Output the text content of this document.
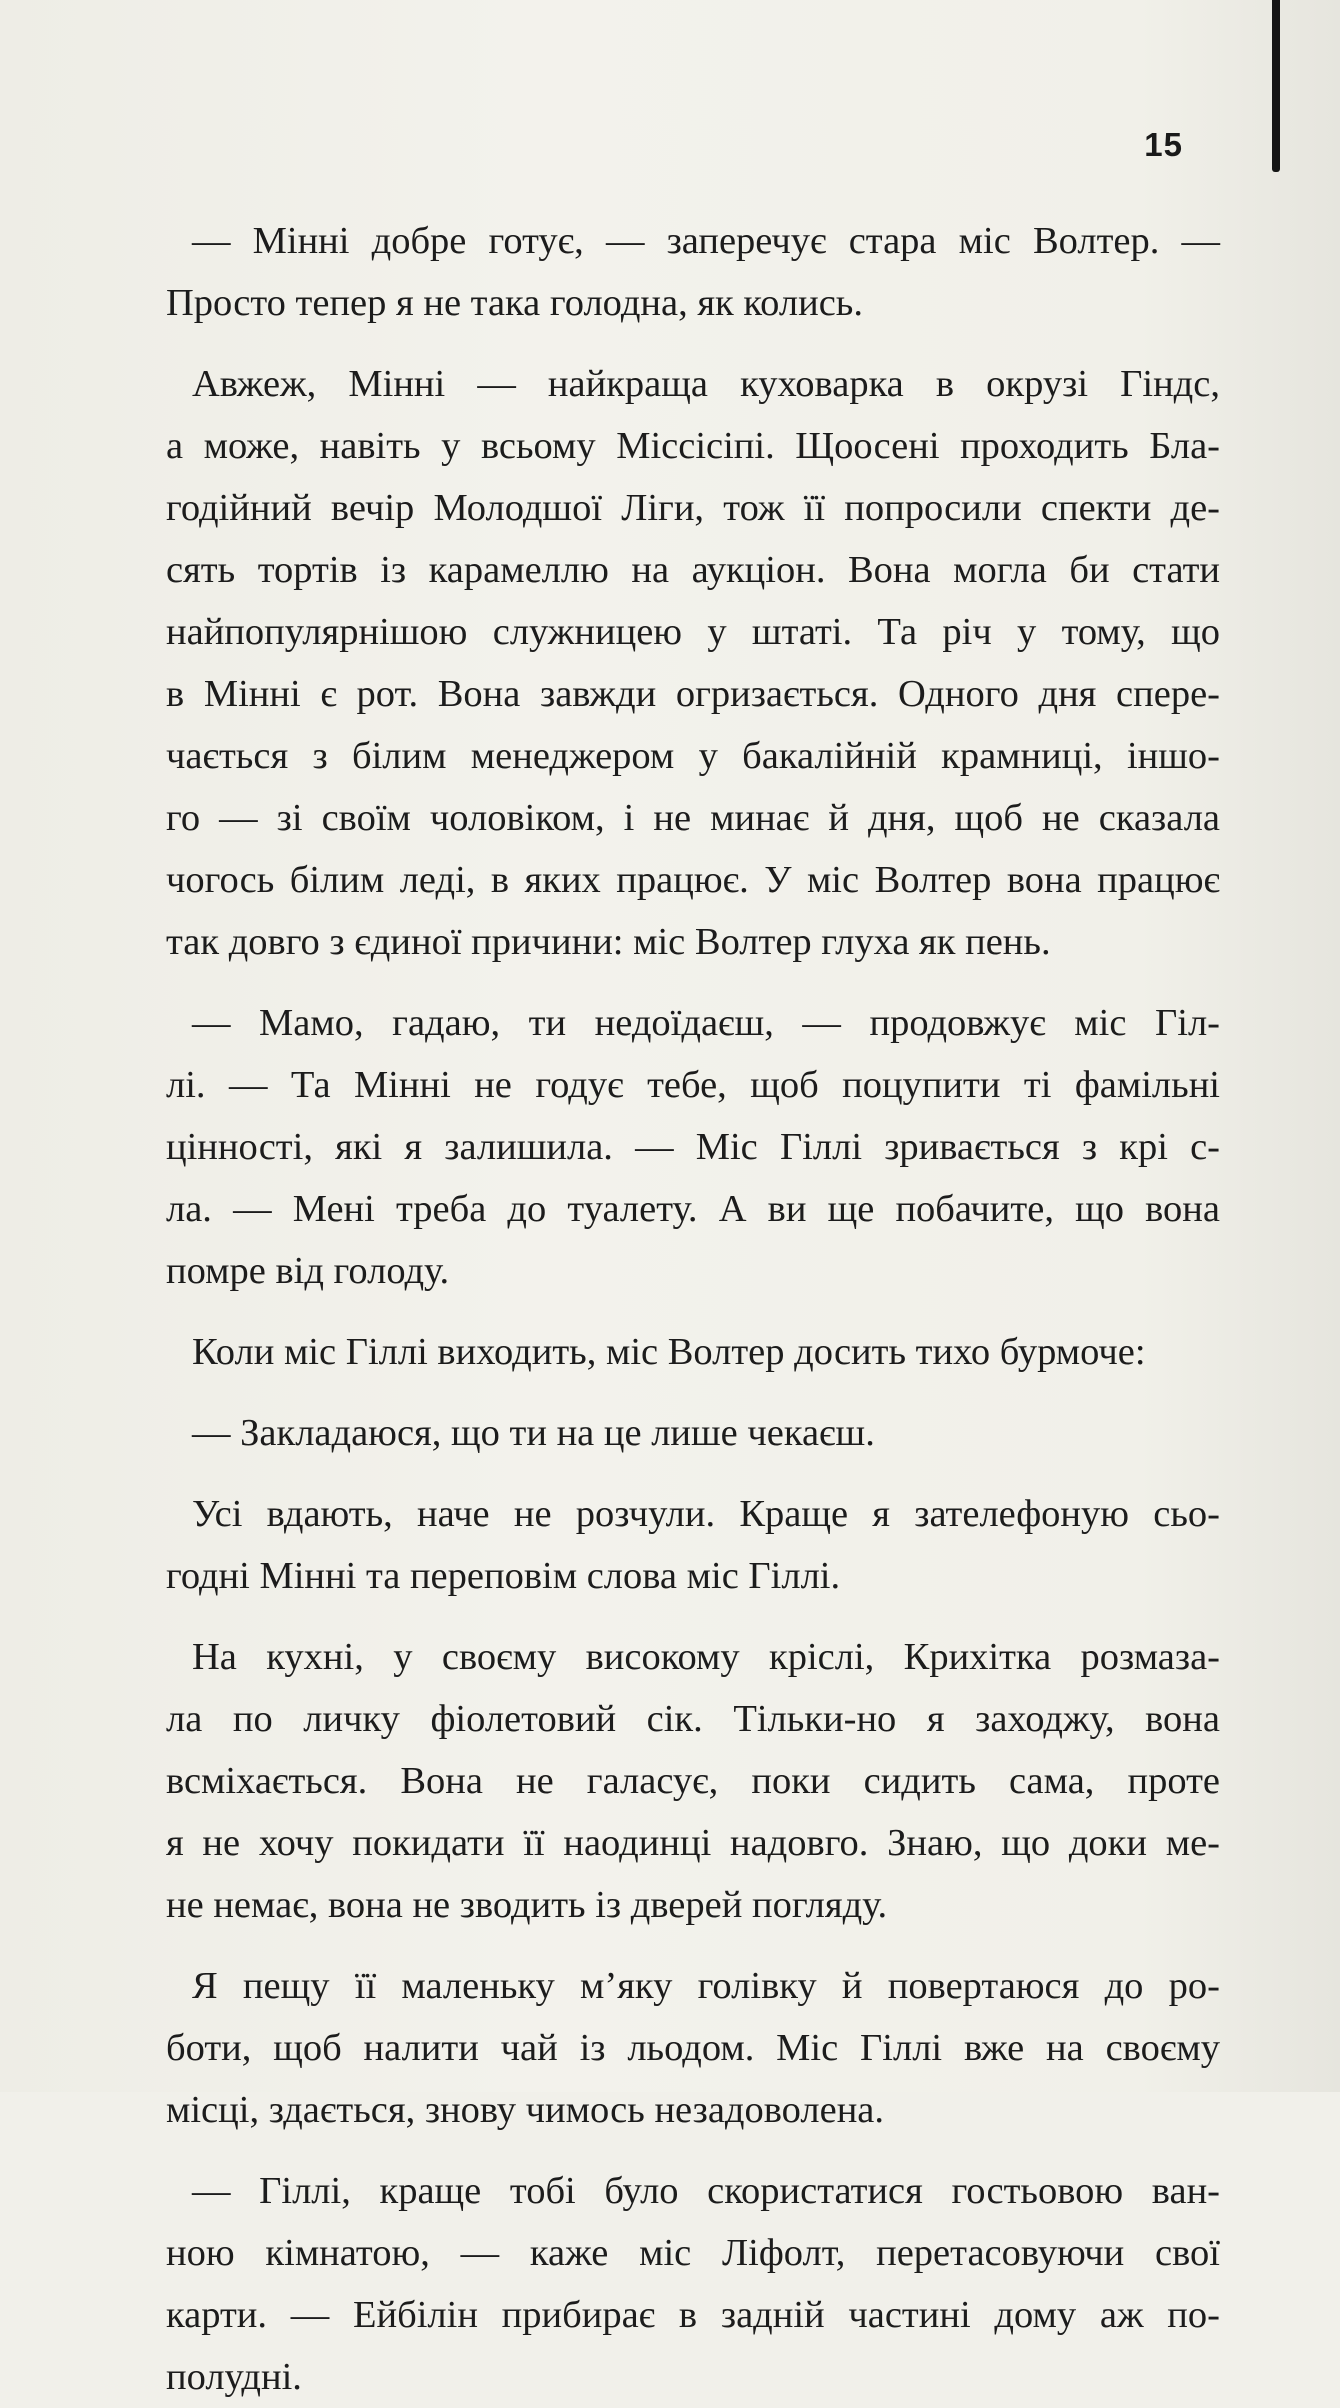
15

— Мінні добре готує, — заперечує стара міс Волтер. —
Просто тепер я не така голодна, як колись.

Авжеж, Мінні — найкраща куховарка в окрузі Гіндс,
а може, навіть у всьому Міссісіпі. Щоосені проходить Бла-
годійний вечір Молодшої Ліги, тож її попросили спекти де-
сять тортів із карамеллю на аукціон. Вона могла би стати
найпопулярнішою служницею у штаті. Та річ у тому, що
в Мінні є рот. Вона завжди огризається. Одного дня спере-
чається з білим менеджером у бакалійній крамниці, іншо-
го — зі своїм чоловіком, і не минає й дня, щоб не сказала
чогось білим леді, в яких працює. У міс Волтер вона працює
так довго з єдиної причини: міс Волтер глуха як пень.

— Мамо, гадаю, ти недоїдаєш, — продовжує міс Гіл-
лі. — Та Мінні не годує тебе, щоб поцупити ті фамільні
цінності, які я залишила. — Міс Гіллі зривається з крі с-
ла. — Мені треба до туалету. А ви ще побачите, що вона
помре від голоду.

Коли міс Гіллі виходить, міс Волтер досить тихо бурмоче:

— Закладаюся, що ти на це лише чекаєш.

Усі вдають, наче не розчули. Краще я зателефоную сьо-
годні Мінні та переповім слова міс Гіллі.

На кухні, у своєму високому кріслі, Крихітка розмаза-
ла по личку фіолетовий сік. Тільки-но я заходжу, вона
всміхається. Вона не галасує, поки сидить сама, проте
я не хочу покидати її наодинці надовго. Знаю, що доки ме-
не немає, вона не зводить із дверей погляду.

Я пещу її маленьку м’яку голівку й повертаюся до ро-
боти, щоб налити чай із льодом. Міс Гіллі вже на своєму
місці, здається, знову чимось незадоволена.

— Гіллі, краще тобі було скористатися гостьовою ван-
ною кімнатою, — каже міс Ліфолт, перетасовуючи свої
карти. — Ейбілін прибирає в задній частині дому аж по-
полудні.
